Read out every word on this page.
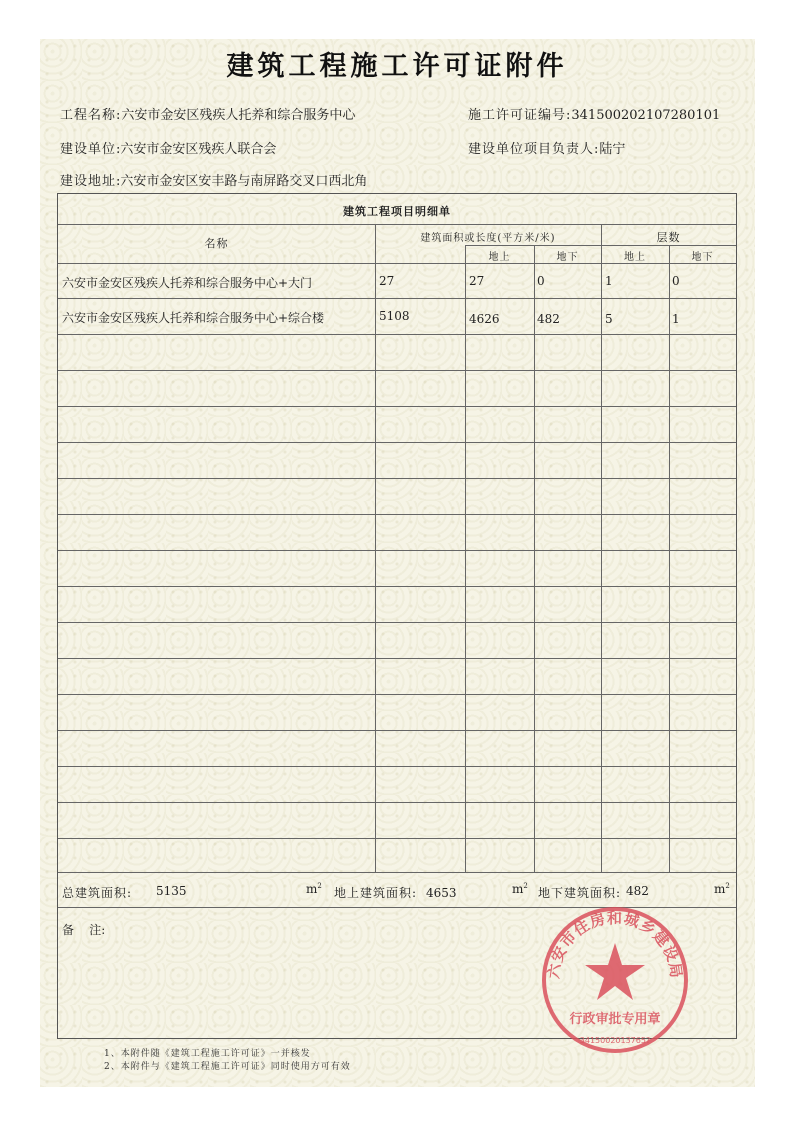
建筑工程施工许可证附件
工程名称:六安市金安区残疾人托养和综合服务中心	施工许可证编号:341500202107280101
建设单位:六安市金安区残疾人联合会	建设单位项目负责人:陆宁
建设地址:六安市金安区安丰路与南屏路交叉口西北角
建筑工程项目明细单
名称	建筑面积或长度(平方米/米)	层数
地上	地下	地上	地下
六安市金安区残疾人托养和综合服务中心+大门	27	27	0	1	0
六安市金安区残疾人托养和综合服务中心+综合楼	5108	4626	482	5	1
总建筑面积: 5135	$m^2$ 地上建筑面积: 4653	$m^2$ 地下建筑面积: 482	$m^2$
备    注:
1、本附件随《建筑工程施工许可证》一并核发
2、本附件与《建筑工程施工许可证》同时使用方可有效
六安市住房和城乡建设局
行政审批专用章
3415002013765?
